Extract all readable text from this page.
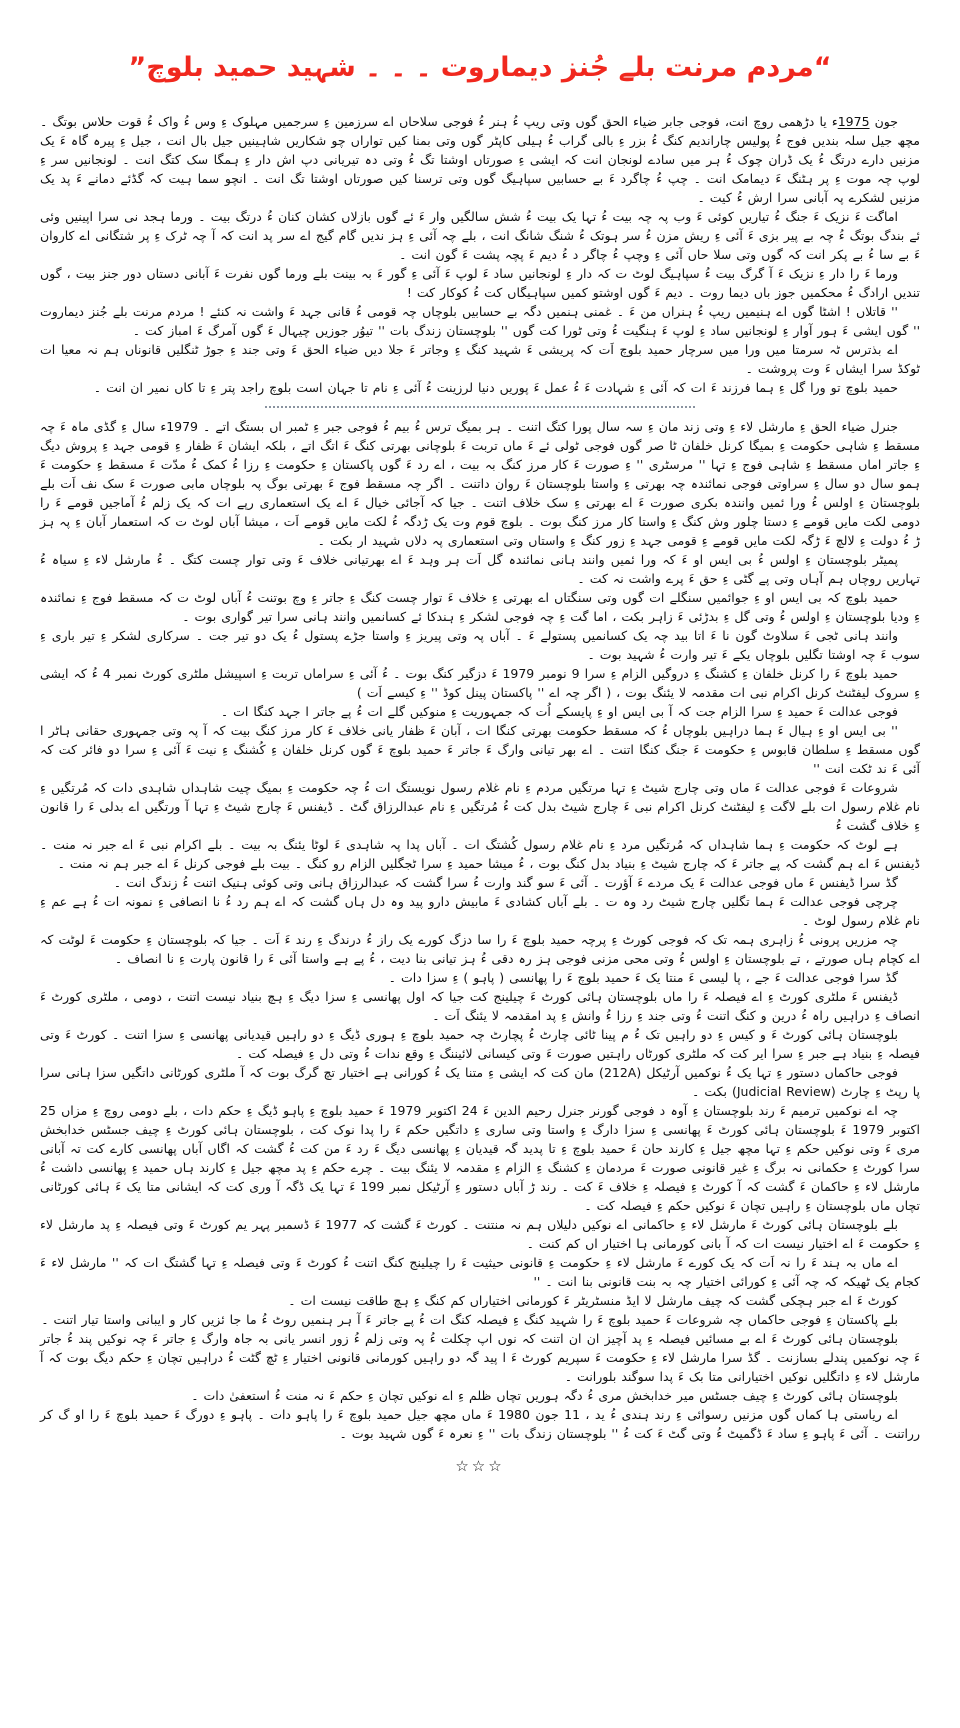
“مردم مرنت بلے جُنز دیماروت ۔ ۔ ۔ شہید حمید بلوچ”

جون 1975ء یا دڑھمی روچ انت، فوجی جابر ضیاء الحق گوں وتی ریپ ءُ ہنر ءُ فوجی سلاحاں اے سرزمین ءِ سرجمیں مہلوک ءِ وس ءُ واک ءُ قوت حلاس بوتگ ۔ مچھ جیل سلہ بندیں فوج ءُ پولیس چاراندیم کنگ ءُ بزر ءِ بالی گراب ءُ ہیلی کاپٹر گوں وتی بمنا کیں تواراں چو شکاریں شاہینیں جیل بال انت ، جیل ءِ پیرہ گاہ ءَ یک مزنیں دارے درتگ ءُ یک ڈران چوک ءُ ہر میں سادے لونجان انت کہ ایشی ءِ صورتاں اوشتا تگ ءُ وتی دہ تیریانی دپ اش دار ءِ ہمگا سک کتگ انت ۔ لونجانیں سر ءِ لوپ چہ موت ءِ پر ہٹنگ ءَ دیمامک انت ۔ چپ ءُ چاگرد ءَ بے حسابیں سپاہیگ گوں وتی ترسنا کیں صورتاں اوشتا تگ انت ۔ انچو سما ہیت کہ گڈئے دمانے ءَ پد یک مزنیں لشکرے پہ آبانی سرا ارش ءُ کیت ۔

اماگت ءَ نزیک ءَ جنگ ءُ تیاریں کوئی ءَ وب پہ چہ بیت ءُ تہا یک بیت ءُ شش سالگیں وار ءَ ئے گوں بازلاں کشان کنان ءُ درتگ بیت ۔ ورما ہجد نی سرا اپینیں وئی ئے بندگ بوتگ ءُ چہ بے پیر بزی ءَ آئی ءِ ریش مزن ءُ سر ہوتک ءُ شنگ شانگ انت ، بلے چہ آئی ءِ ہز ندیں گام گیج اے سر پد انت کہ آ چہ ٹرک ءِ پر شتگانی اے کاروان ءَ بے سا ءُ بے پکر انت کہ گوں وتی سلا حاں آئی ءِ وچپ ءُ چاگر د ءُ دیم ءَ پچہ پشت ءَ گون انت ۔

ورما ءَ را دار ءِ نزیک ءَ آ گرگ بیت ءُ سپاہیگ لوٹ ت کہ دار ءِ لونجانیں ساد ءَ لوپ ءَ آئی ءِ گور ءَ بہ بینت بلے ورما گوں نفرت ءَ آبانی دستاں دور جنز بیت ، گوں تندیں ارادگ ءُ محکمیں جوز باں دیما روت ۔ دیم ءَ گوں اوشتو کمیں سپاہیگاں کت ءُ کوکار کت !

'' قاتلاں ! اشٹا گوں اے ہنیمیں ریپ ءُ ہنراں من ءَ ۔ غمنی ہنمیں دگہ بے حسابیں بلوچاں چہ قومی ءُ قانی جہد ءَ واشت نہ کنئے ! مردم مرنت بلے جُنز دیماروت '' گوں ایشی ءَ ہور آوار ءِ لونجانیں ساد ءِ لوپ ءَ ہنگیت ءُ وتی ٹورا کت گوں '' بلوچستان زندگ بات '' تیوُر جوزیں چیہال ءَ گوں آمرگ ءَ امباز کت ۔

اے بذترس ٹہ سرمتا میں ورا میں سرچار حمید بلوچ اَت کہ پریشی ءَ شہید کنگ ءِ وجاتر ءَ جلا دیں ضیاء الحق ءَ وتی جند ءِ جوڑ ٹنگلیں قانوناں ہم نہ معیا ات ٹوکڈ سرا ایشاں ءَ وت پروشت ۔

حمید بلوچ تو ورا گل ءِ ہما فرزند ءَ ات کہ آئی ءِ شہادت ءَ ءُ عمل ءَ پوریں دنیا لرزینت ءُ آئی ءِ نام تا جہان است بلوچ راجد پتر ءِ تا کاں نمیر ان انت ۔

جنرل ضیاء الحق ءِ مارشل لاء ءِ وتی زند مان ءِ سہ سال پورا کتگ اتنت ۔ ہر بمیگ ترس ءُ بیم ءُ فوجی جبر ءِ ٹمبر اں بستگ اتے ۔ 1979ء سال ءِ گڈی ماہ ءَ چہ مسقط ءِ شاہی حکومت ءِ بمیگا کرنل خلفان ٹا صر گوں فوجی ٹولی ئے ءَ ماں تربت ءَ بلوچانی بھرتی کنگ ءَ اتگ اتے ، بلکہ ایشان ءَ ظفار ءِ قومی جہد ءِ پروش دیگ ءِ جاتر اماں مسقط ءِ شاہی فوج ءِ تہا '' مرسٹری '' ءِ صورت ءَ کار مرز کنگ بہ بیت ، اے رد ءَ گوں پاکستان ءِ حکومت ءِ رزا ءُ کمک ءُ مدّت ءَ مسقط ءِ حکومت ءَ ہمو سال دو سال ءِ سراوتی فوجی نمائندہ چہ بھرتی ءِ واستا بلوچستان ءَ روان داتنت ۔ اگر چہ مسقط فوج ءَ بھرتی بوگ پہ بلوچاں مابی صورت ءَ سک نف اَت بلے بلوچستان ءِ اولس ءُ ورا ئمیں وانندہ بکری صورت ءَ اے بھرتی ءِ سک خلاف اتنت ۔ جیا کہ آجائی خیال ءَ اے یک استعماری رپے ات کہ یک زلم ءُ آماجیں قومے ءَ را دومی لکت مایں قومے ءِ دستا چلور وش کنگ ءِ واستا کار مرز کنگ بوت ۔ بلوچ قوم وت یک ڑدگہ ءُ لکت مایں قومے اَت ، میشا آباں لوٹ ت کہ استعمار آبان ءِ پہ ہز ڑ ءُ دولت ءِ لالچ ءَ ڑگہ لکت مایں قومے ءِ قومی جہد ءِ زور کنگ ءِ واستاں وتی استعماری پہ دلاں شہید ار بکت ۔

پمیٹر بلوچستان ءِ اولس ءُ بی ایس او ءَ کہ ورا ئمیں وانند ہانی نمائندہ گل اَت ہر وہد ءَ اے بھرتیانی خلاف ءَ وتی توار چست کتگ ۔ ءُ مارشل لاء ءِ سیاہ ءُ تہاریں روچاں ہم آہاں وتی پے گٹی ءِ حق ءَ پرے واشت نہ کت ۔

حمید بلوچ کہ بی ایس او ءِ جوائمیں سنگلے ات گوں وتی سنگتاں اے بھرتی ءِ خلاف ءَ توار چست کنگ ءِ جاتر ءِ وچ بوتنت ءُ آباں لوٹ ت کہ مسقط فوج ءِ نمائندہ ءِ ودیا بلوچستان ءِ اولس ءُ وتی گل ءِ بدڑئی ءَ زاہر بکت ، اما گت ءِ چہ فوجی لشکر ءِ ہندکا ئے کسانمیں وانند ہانی سرا تیر گواری بوت ۔

وانند ہانی ٹجی ءَ سلاوٹ گون نا ءَ اتا بید چہ یک کسانمیں پستولے ءَ ۔ آباں پہ وتی پیریز ءِ واستا جڑے پستول ءُ یک دو تیر جت ۔ سرکاری لشکر ءِ تیر باری ءِ سوب ءَ چہ اوشتا تگلیں بلوچاں یکے ءَ تیر وارت ءُ شہید بوت ۔

حمید بلوچ ءَ را کرنل خلفان ءِ کشنگ ءِ دروگیں الزام ءِ سرا 9 نومبر 1979 ءَ دزگیر کنگ بوت ۔ ءُ آئی ءِ سراماں تربت ءِ اسپیشل ملٹری کورٹ نمبر 4 ءُ کہ ایشی ءِ سروک لیفٹنٹ کرنل اکرام نبی ات مقدمہ لا یئنگ بوت ، ( اگر چہ اے '' پاکستان پینل کوڈ '' ءِ کیسے اَت )

فوجی عدالت ءَ حمید ءِ سرا الزام جت کہ آ بی ایس او ءِ پایسکے اُت کہ جمہوریت ءِ منوکیں گلے ات ءُ پے جاتر ا جہد کنگا ات ۔

'' بی ایس او ءِ ہیال ءَ ہما دراہیں بلوچاں ءُ کہ مسقط حکومت بھرتی کنگا ات ، آبان ءَ ظفار یانی خلاف ءَ کار مرز کنگ بیت کہ آ پہ وتی جمہوری حقانی ہاٹر ا گوں مسقط ءِ سلطان قابوس ءِ حکومت ءَ جنگ کنگا اتنت ۔ اے بھر تیانی وارگ ءَ جاتر ءَ حمید بلوچ ءَ گوں کرنل خلفان ءِ کُشنگ ءِ نیت ءَ آئی ءِ سرا دو فائر کت کہ آئی ءَ ند ٹکت انت ''

شروعات ءَ فوجی عدالت ءَ ماں وتی چارج شیٹ ءِ تہا مرتگیں مردم ءِ نام غلام رسول نویستگ ات ءُ چہ حکومت ءِ بمیگ چیت شاہداں شاہدی دات کہ مُرتگیں ءِ نام غلام رسول ات بلے لاگت ءِ لیفٹنٹ کرنل اکرام نبی ءَ چارج شیٹ بدل کت ءُ مُرتگیں ءِ نام عبدالرزاق گٹ ۔ ڈیفنس ءَ چارج شیٹ ءِ تہا آ ورتگیں اے بدلی ءَ را قانون ءِ خلاف گشت ءُ

ہے لوٹ کہ حکومت ءِ ہما شاہداں کہ مُرتگیں مرد ءِ نام غلام رسول کُشتگ ات ۔ آباں پدا پہ شاہدی ءَ لوٹا یئنگ بہ بیت ۔ بلے اکرام نبی ءَ اے جبر نہ منت ۔ ڈیفنس ءَ اے ہم گشت کہ پے جاتر ءَ کہ چارج شیٹ ءِ بنیاد بدل کنگ بوت ، ءُ میشا حمید ءِ سرا ٹجگلیں الزام رو کنگ ۔ بیت بلے فوجی کرنل ءَ اے جبر ہم نہ منت ۔

گڈ سرا ڈیفنس ءَ ماں فوجی عدالت ءَ یک مردے ءَ آؤرت ۔ آئی ءَ سو گند وارت ءُ سرا گشت کہ عبدالرزاق ہانی وتی کوئی ہنیک اتنت ءُ زندگ انت ۔

چرچی فوجی عدالت ءَ ہما تگلیں چارج شیٹ رد وہ ت ۔ بلے آباں کشادی ءَ مابیش دارو پید وہ دل ہاں گشت کہ اے ہم رد ءُ نا انصافی ءِ نمونہ ات ءُ ہے عم ءِ نام غلام رسول لوٹ ۔

چہ مزریں پرونی ءُ زاہری ہمہ تک کہ فوجی کورٹ ءِ پرچہ حمید بلوچ ءَ را سا دزگ کورے یک راز ءُ درندگ ءِ رند ءَ اَت ۔ جیا کہ بلوچستان ءِ حکومت ءَ لوٹت کہ اے کچام ہاں صورتے ، تے بلوچستان ءِ اولس ءُ وتی محی مزنی فوجی ہز رہ دقی ءُ ہز تیانی بنا دیت ، ءُ پے ہے واستا آئی ءَ را قانون پارت ءِ نا انصاف ۔

گڈ سرا فوجی عدالت ءَ جے ، پا لیسی ءَ منتا یک ءَ حمید بلوچ ءَ را پھانسی ( پاہو ) ءِ سزا دات ۔

ڈیفنس ءَ ملٹری کورٹ ءِ اے فیصلہ ءَ را ماں بلوچستان ہائی کورٹ ءَ چیلینج کت جیا کہ اول پھانسی ءِ سزا دیگ ءِ ہچ بنیاد نیست اتنت ، دومی ، ملٹری کورٹ ءَ انصاف ءِ دراہیں راہ ءُ درین و کنگ اتنت ءُ وتی جند ءِ رزا ءُ وانش ءِ پد امقدمہ لا یئنگ اَت ۔

بلوچستان ہائی کورٹ ءَ و کیس ءِ دو راہیں تک ءُ م پینا ٹائی چارٹ ءُ پچارٹ چہ حمید بلوچ ءِ ہوری ڈیگ ءِ دو راہیں قیدیانی پھانسی ءِ سزا اتنت ۔ کورٹ ءَ وتی فیصلہ ءِ بنیاد ہے جبر ءِ سرا ایر کت کہ ملٹری کورٹاں راہتیں صورت ءَ وتی کیسانی لائیننگ ءِ وقع ندات ءُ وتی دل ءِ فیصلہ کت ۔

فوجی حاکماں دستور ءِ تہا یک ءُ نوکمیں آرٹیکل (212A) مان کت کہ ایشی ءِ متنا یک ءُ کورانی ہے اختیار تچ گرگ بوت کہ آ ملٹری کورٹانی داتگیں سزا ہانی سرا پا رپٹ ءِ چارٹ (Judicial Review) بکت ۔

چہ اے نوکمیں ترمیم ءَ رند بلوچستان ءِ آوہ د فوجی گورنر جنرل رحیم الدین ءَ 24 اکتوبر 1979 ءَ حمید بلوچ ءِ پاہو ڈیگ ءِ حکم دات ، بلے دومی روچ ءِ مزاں 25 اکتوبر 1979 ءَ بلوچستان ہائی کورٹ ءَ پھانسی ءِ سزا دارگ ءِ واستا وتی ساری ءِ داتگیں حکم ءَ را پدا نوک کت ، بلوچستان ہائی کورٹ ءِ چیف جسٹس خدابخش مری ءَ وتی نوکیں حکم ءِ تہا مچھ جیل ءِ کارند حان ءَ حمید بلوچ ءِ تا پدید گہ قیدیان ءِ پھانسی دیگ ءَ رد ءَ من کت ءُ گشت کہ اگاں آباں پھانسی کارے کت تہ آبانی سرا کورٹ ءِ حکمانی نہ برگ ءِ غیر قانونی صورت ءَ مردمان ءِ کشنگ ءِ الزام ءِ مقدمہ لا یئنگ بیت ۔ چرے حکم ءِ پد مچھ جیل ءِ کارند ہاں حمید ءِ پھانسی داشت ءُ مارشل لاء ءِ حاکمان ءَ گشت کہ آ کورٹ ءِ فیصلہ ءِ خلاف ءَ کت ۔ رند ڑ آباں دستور ءِ آرٹیکل نمبر 199 ءَ تہا یک ڈگہ آ وری کت کہ ایشانی متا یک ءَ ہائی کورٹانی تچاں ماں بلوچستان ءِ راہیں تچان ءَ نوکیں حکم ءِ فیصلہ کت ۔

بلے بلوچستان ہائی کورٹ ءَ مارشل لاء ءِ حاکمانی اے نوکیں دلیلاں ہم نہ منتنت ۔ کورٹ ءَ گشت کہ 1977 ءَ ڈسمبر پہر یم کورٹ ءَ وتی فیصلہ ءِ پد مارشل لاء ءِ حکومت ءَ اے اختیار نیست ات کہ آ بانی کورمانی ہا اختیار اں کم کنت ۔

اے ماں بہ ہند ءَ را نہ اَت کہ یک کورے ءَ مارشل لاء ءِ حکومت ءِ قانونی حیثیت ءَ را چیلینج کنگ اتنت ءُ کورٹ ءَ وتی فیصلہ ءِ تہا گشتگ ات کہ '' مارشل لاء ءَ کجام یک ٹھیکہ کہ چہ آئی ءِ کورائی اختیار چہ بہ بنت قانونی بنا انت ۔ ''

کورٹ ءَ اے جبر ہچکی گشت کہ چیف مارشل لا ایڈ منسٹریٹر ءَ کورمانی اختیاراں کم کنگ ءِ ہچ طاقت نیست ات ۔

بلے پاکستان ءِ فوجی حاکماں چہ شروعات ءَ حمید بلوچ ءَ را شہید کنگ ءِ فیصلہ کنگ ات ءُ پے جاتر ءَ آ ہر ہنمیں روٹ ءُ ما جا ئزیں کار و ایبانی واستا تیار اتنت ۔

بلوچستان ہائی کورٹ ءَ اے بے مسائیں فیصلہ ءِ پد آچیز ان ان اتنت کہ نوں اپ چکلت ءُ پہ وتی زلم ءُ زور انسر یانی بہ جاہ وارگ ءِ جاتر ءَ چہ نوکیں پند ءُ جاتر ءَ چہ نوکمیں پندلے بسازنت ۔ گڈ سرا مارشل لاء ءِ حکومت ءَ سپریم کورٹ ءَ ا پید گہ دو راہیں کورمانی قانونی اختیار ءِ ٹچ گٹت ءُ دراہیں تچان ءِ حکم دیگ بوت کہ آ مارشل لاء ءِ داتگلیں نوکیں اختیارانی متا بک ءَ پدا سوگند بلورانت ۔

بلوچستان ہائی کورٹ ءِ چیف جسٹس میر خدابخش مری ءُ دگہ ہوریں تچاں ظلم ءِ اے نوکیں تچان ءِ حکم ءَ نہ منت ءُ استعفیٰ دات ۔

اے ریاستی ہا کماں گوں مزنیں رسوائی ءِ رند ہندی ءُ ید ، 11 جون 1980 ءَ ماں مچھ جیل حمید بلوچ ءَ را پاہو دات ۔ پاہو ءِ دورگ ءَ حمید بلوچ ءَ را او گ کر رراتنت ۔ آئی ءَ پاہو ءِ ساد ءَ ڈگمیٹ ءُ وتی گٹ ءَ کت ءُ '' بلوچستان زندگ بات '' ءِ نعرہ ءَ گوں شہید بوت ۔

☆☆☆
